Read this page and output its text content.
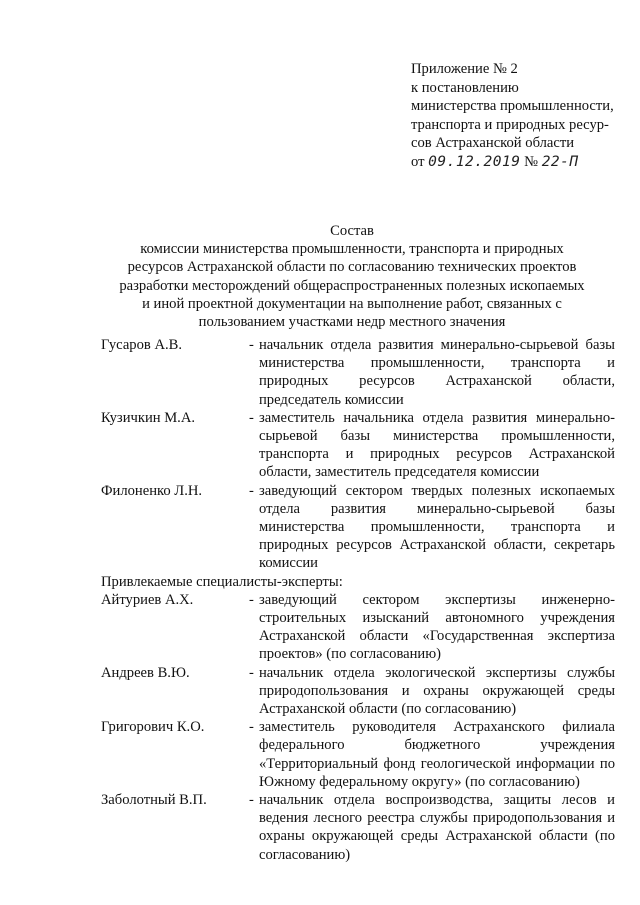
Приложение № 2
к постановлению
министерства промышленности,
транспорта и природных ресур-
сов Астраханской области
от 09.12.2019 № 22-П
Состав
комиссии министерства промышленности, транспорта и природных
ресурсов Астраханской области по согласованию технических проектов
разработки месторождений общераспространенных полезных ископаемых
и иной проектной документации на выполнение работ, связанных с
пользованием участками недр местного значения
Гусаров А.В.	- начальник отдела развития минерально-сырьевой базы министерства промышленности, транспорта и природных ресурсов Астраханской области, председатель комиссии
Кузичкин М.А.	- заместитель начальника отдела развития минерально-сырьевой базы министерства промышленности, транспорта и природных ресурсов Астраханской области, заместитель председателя комиссии
Филоненко Л.Н.	- заведующий сектором твердых полезных ископаемых отдела развития минерально-сырьевой базы министерства промышленности, транспорта и природных ресурсов Астраханской области, секретарь комиссии
Привлекаемые специалисты-эксперты:
Айтуриев А.Х.	- заведующий сектором экспертизы инженерно-строительных изысканий автономного учреждения Астраханской области «Государственная экспертиза проектов» (по согласованию)
Андреев В.Ю.	- начальник отдела экологической экспертизы службы природопользования и охраны окружающей среды Астраханской области (по согласованию)
Григорович К.О.	- заместитель руководителя Астраханского филиала федерального бюджетного учреждения «Территориальный фонд геологической информации по Южному федеральному округу» (по согласованию)
Заболотный В.П.	- начальник отдела воспроизводства, защиты лесов и ведения лесного реестра службы природопользования и охраны окружающей среды Астраханской области (по согласованию)
